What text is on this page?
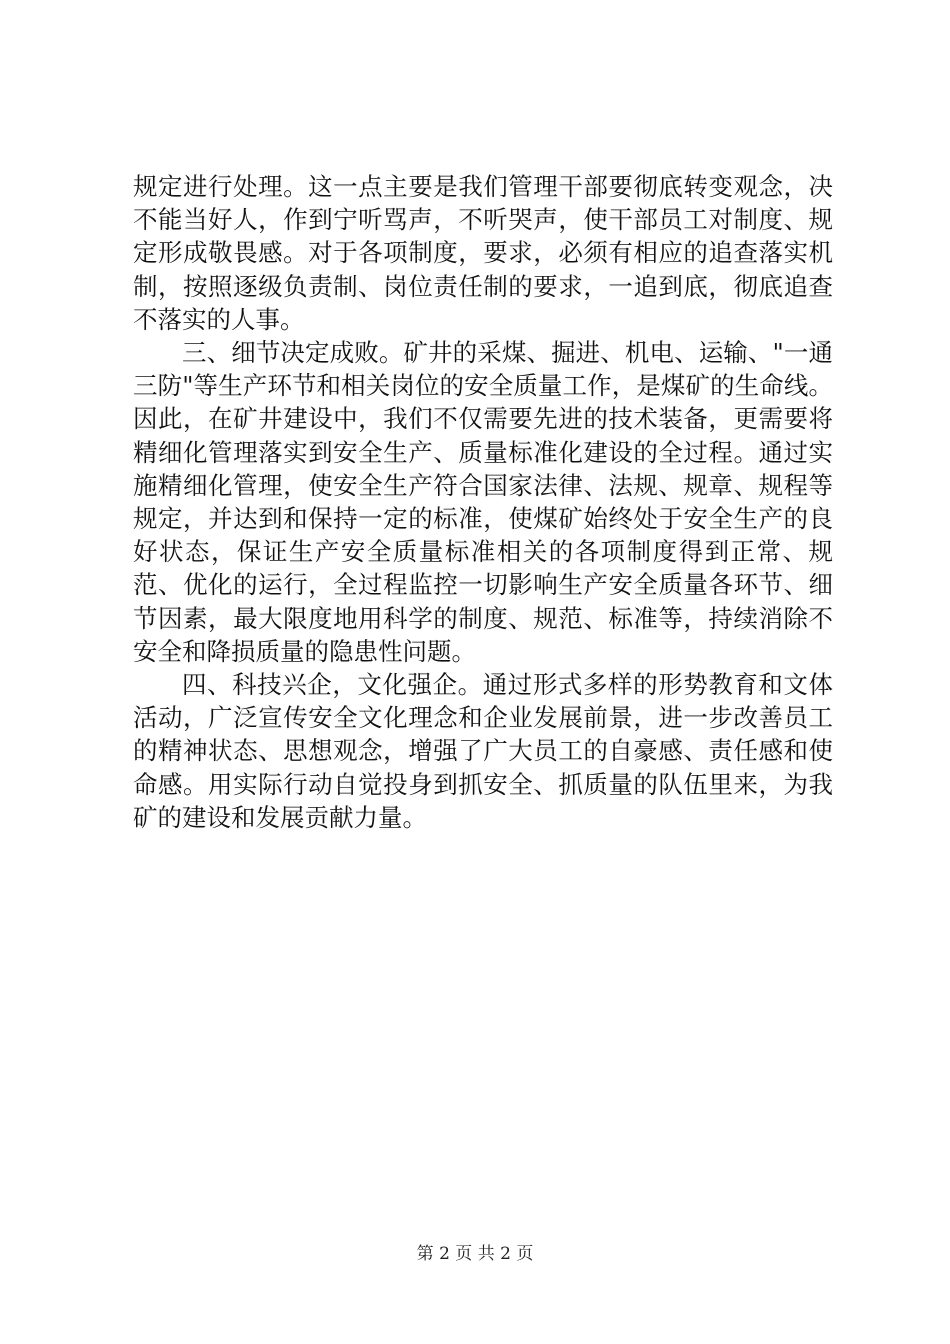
规定进行处理。这一点主要是我们管理干部要彻底转变观念，决不能当好人，作到宁听骂声，不听哭声，使干部员工对制度、规定形成敬畏感。对于各项制度，要求，必须有相应的追查落实机制，按照逐级负责制、岗位责任制的要求，一追到底，彻底追查不落实的人事。

三、细节决定成败。矿井的采煤、掘进、机电、运输、"一通三防"等生产环节和相关岗位的安全质量工作，是煤矿的生命线。因此，在矿井建设中，我们不仅需要先进的技术装备，更需要将精细化管理落实到安全生产、质量标准化建设的全过程。通过实施精细化管理，使安全生产符合国家法律、法规、规章、规程等规定，并达到和保持一定的标准，使煤矿始终处于安全生产的良好状态，保证生产安全质量标准相关的各项制度得到正常、规范、优化的运行，全过程监控一切影响生产安全质量各环节、细节因素，最大限度地用科学的制度、规范、标准等，持续消除不安全和降损质量的隐患性问题。

四、科技兴企，文化强企。通过形式多样的形势教育和文体活动，广泛宣传安全文化理念和企业发展前景，进一步改善员工的精神状态、思想观念，增强了广大员工的自豪感、责任感和使命感。用实际行动自觉投身到抓安全、抓质量的队伍里来，为我矿的建设和发展贡献力量。

第 2 页 共 2 页
